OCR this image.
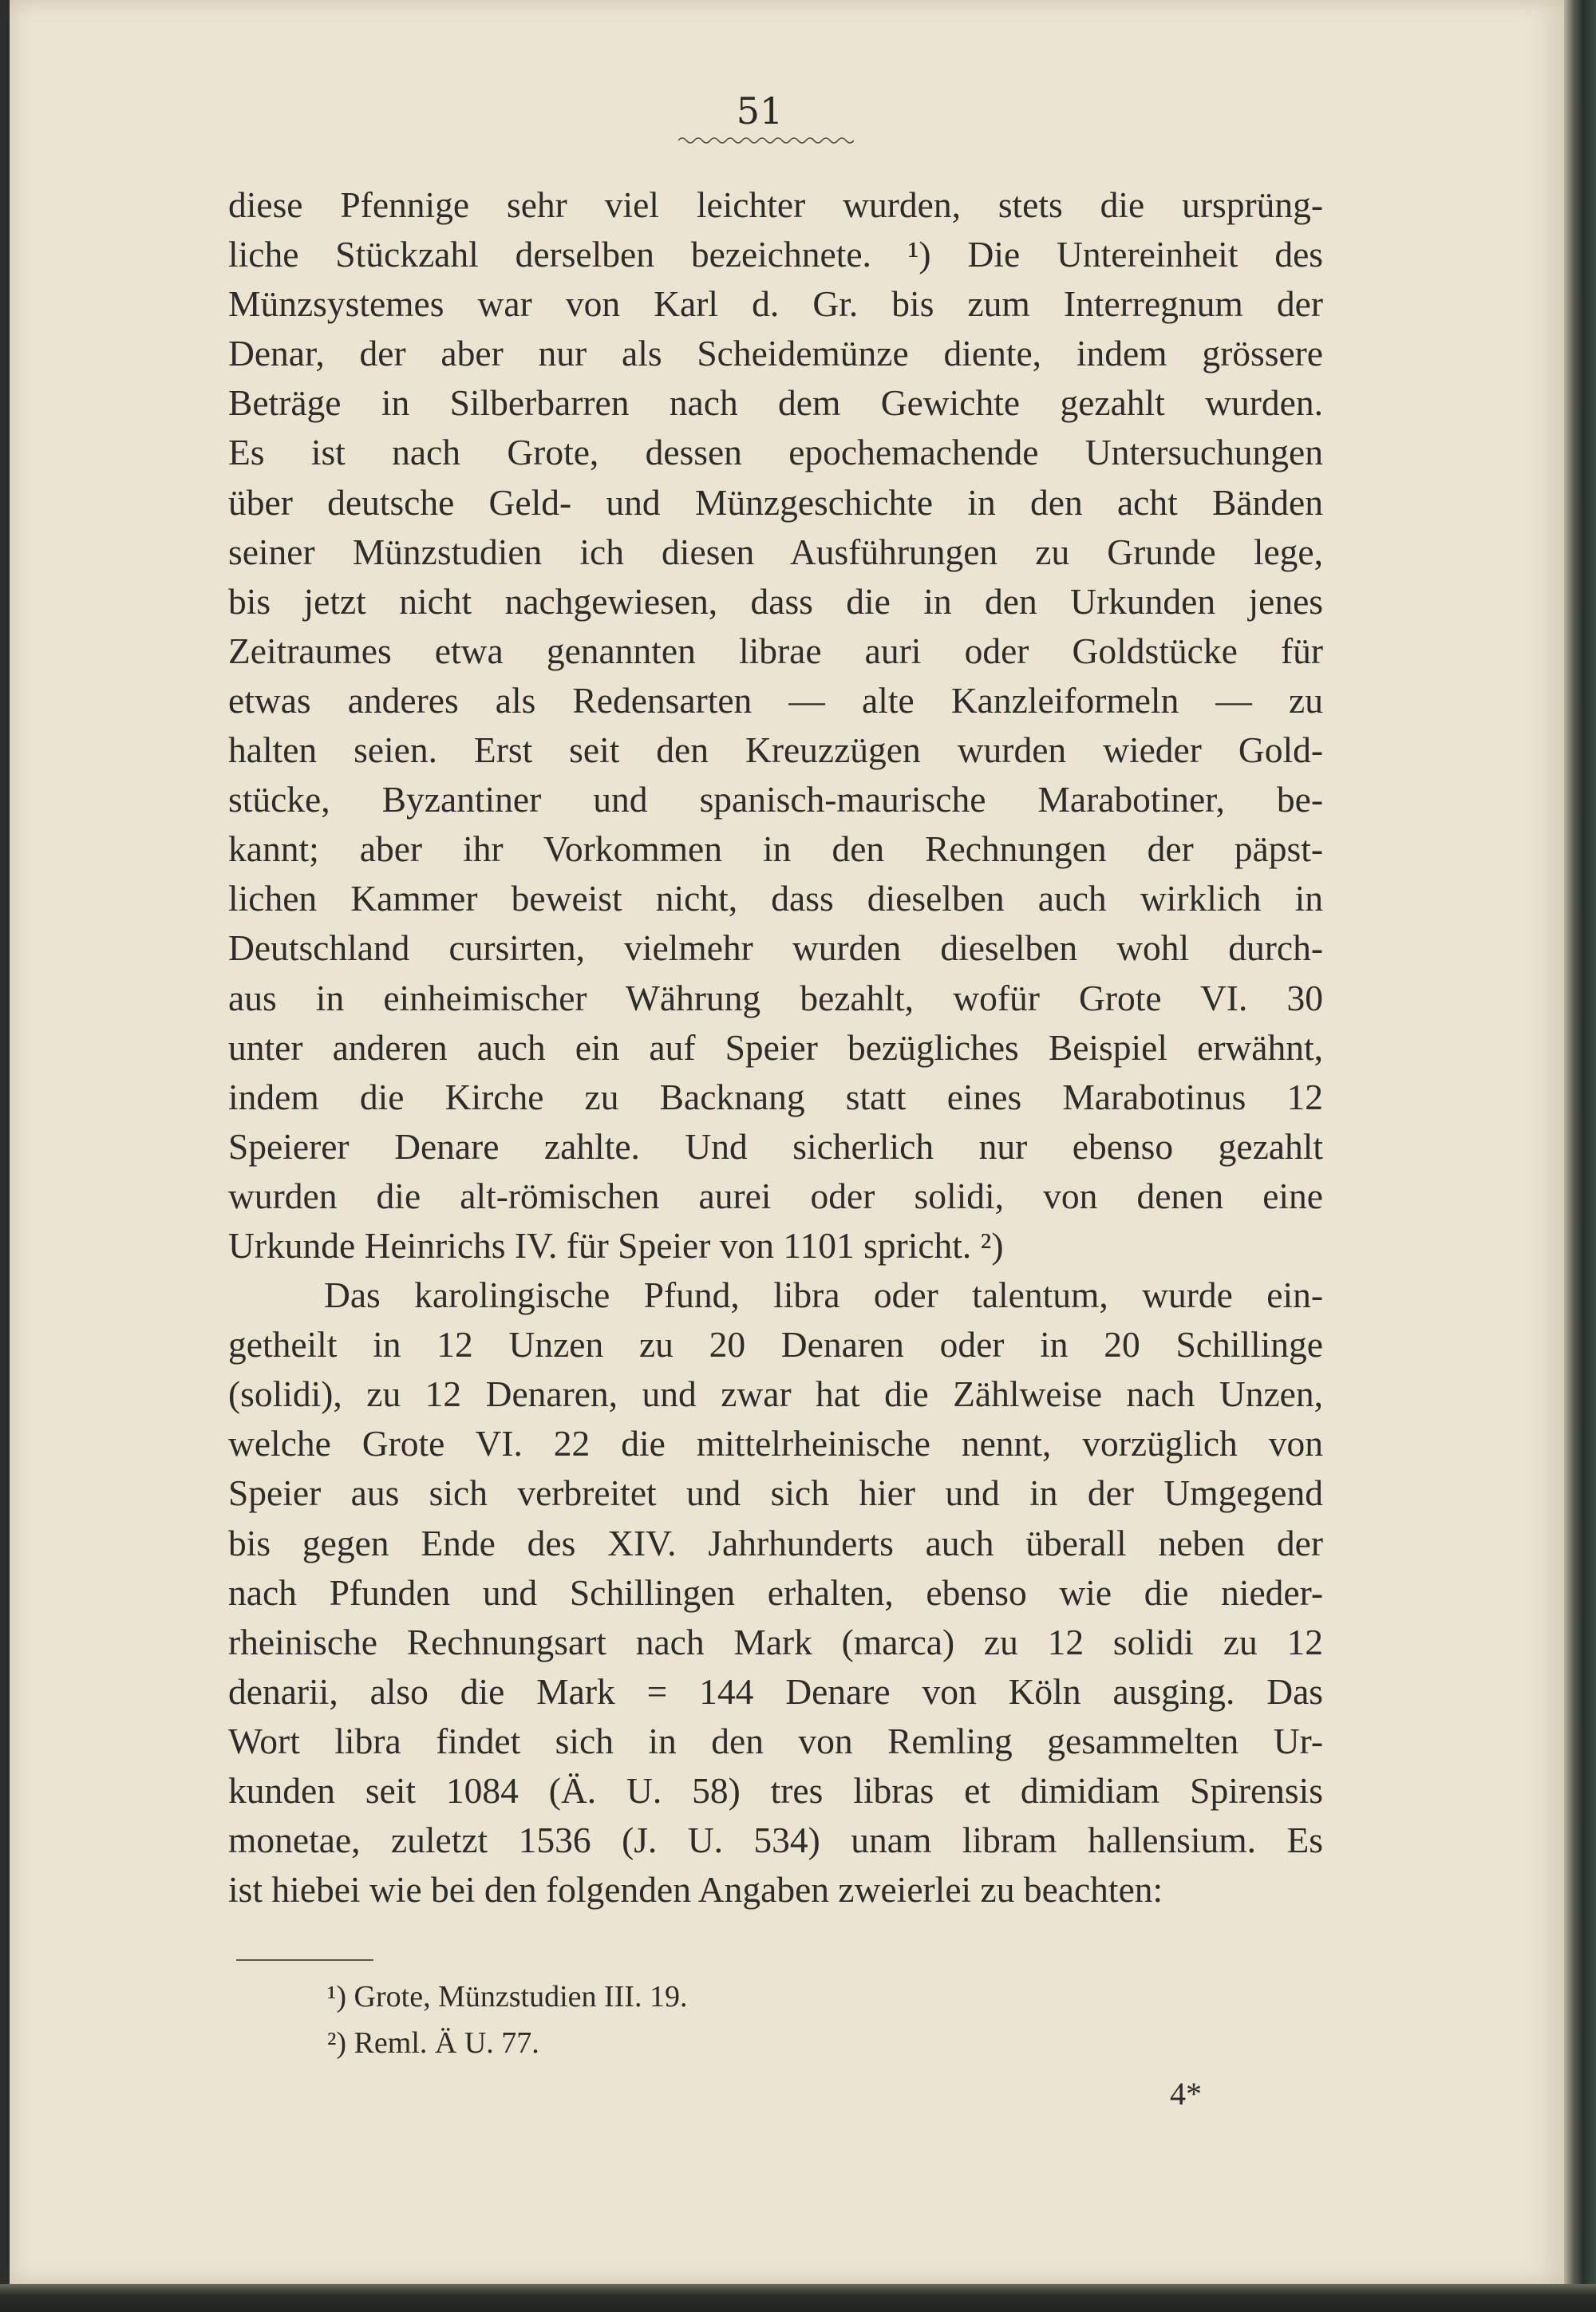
51
diese Pfennige sehr viel leichter wurden, stets die ursprüng-
liche Stückzahl derselben bezeichnete. ¹) Die Untereinheit des
Münzsystemes war von Karl d. Gr. bis zum Interregnum der
Denar, der aber nur als Scheidemünze diente, indem grössere
Beträge in Silberbarren nach dem Gewichte gezahlt wurden.
Es ist nach Grote, dessen epochemachende Untersuchungen
über deutsche Geld- und Münzgeschichte in den acht Bänden
seiner Münzstudien ich diesen Ausführungen zu Grunde lege,
bis jetzt nicht nachgewiesen, dass die in den Urkunden jenes
Zeitraumes etwa genannten librae auri oder Goldstücke für
etwas anderes als Redensarten — alte Kanzleiformeln — zu
halten seien. Erst seit den Kreuzzügen wurden wieder Gold-
stücke, Byzantiner und spanisch-maurische Marabotiner, be-
kannt; aber ihr Vorkommen in den Rechnungen der päpst-
lichen Kammer beweist nicht, dass dieselben auch wirklich in
Deutschland cursirten, vielmehr wurden dieselben wohl durch-
aus in einheimischer Währung bezahlt, wofür Grote VI. 30
unter anderen auch ein auf Speier bezügliches Beispiel erwähnt,
indem die Kirche zu Backnang statt eines Marabotinus 12
Speierer Denare zahlte. Und sicherlich nur ebenso gezahlt
wurden die alt-römischen aurei oder solidi, von denen eine
Urkunde Heinrichs IV. für Speier von 1101 spricht. ²)
Das karolingische Pfund, libra oder talentum, wurde ein-
getheilt in 12 Unzen zu 20 Denaren oder in 20 Schillinge
(solidi), zu 12 Denaren, und zwar hat die Zählweise nach Unzen,
welche Grote VI. 22 die mittelrheinische nennt, vorzüglich von
Speier aus sich verbreitet und sich hier und in der Umgegend
bis gegen Ende des XIV. Jahrhunderts auch überall neben der
nach Pfunden und Schillingen erhalten, ebenso wie die nieder-
rheinische Rechnungsart nach Mark (marca) zu 12 solidi zu 12
denarii, also die Mark = 144 Denare von Köln ausging. Das
Wort libra findet sich in den von Remling gesammelten Ur-
kunden seit 1084 (Ä. U. 58) tres libras et dimidiam Spirensis
monetae, zuletzt 1536 (J. U. 534) unam libram hallensium. Es
ist hiebei wie bei den folgenden Angaben zweierlei zu beachten:
¹) Grote, Münzstudien III. 19.
²) Reml. Ä U. 77.
4*
